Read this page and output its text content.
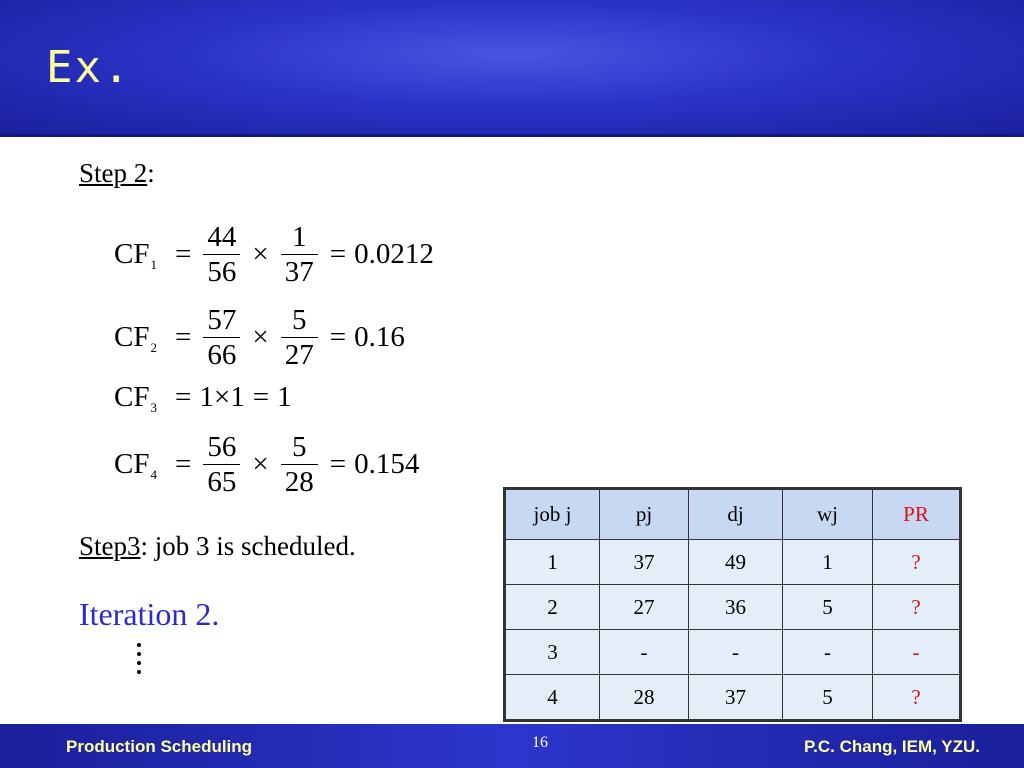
Ex.
Step 2:
CF $1 = \frac{44}{56} \times \frac{1}{37} = 0.0212$
CF $2 = \frac{57}{66} \times \frac{5}{27} = 0.16$
CF 3 = 1×1 = 1
CF $4 = \frac{56}{65} \times \frac{5}{28} = 0.154$
Step3: job 3 is scheduled.
Iteration 2.
job j	pj	dj	wj	PR
1	37	49	1	?
2	27	36	5	?
3	-	-	-	-
4	28	37	5	?
Production Scheduling	16	P.C. Chang, IEM, YZU.
